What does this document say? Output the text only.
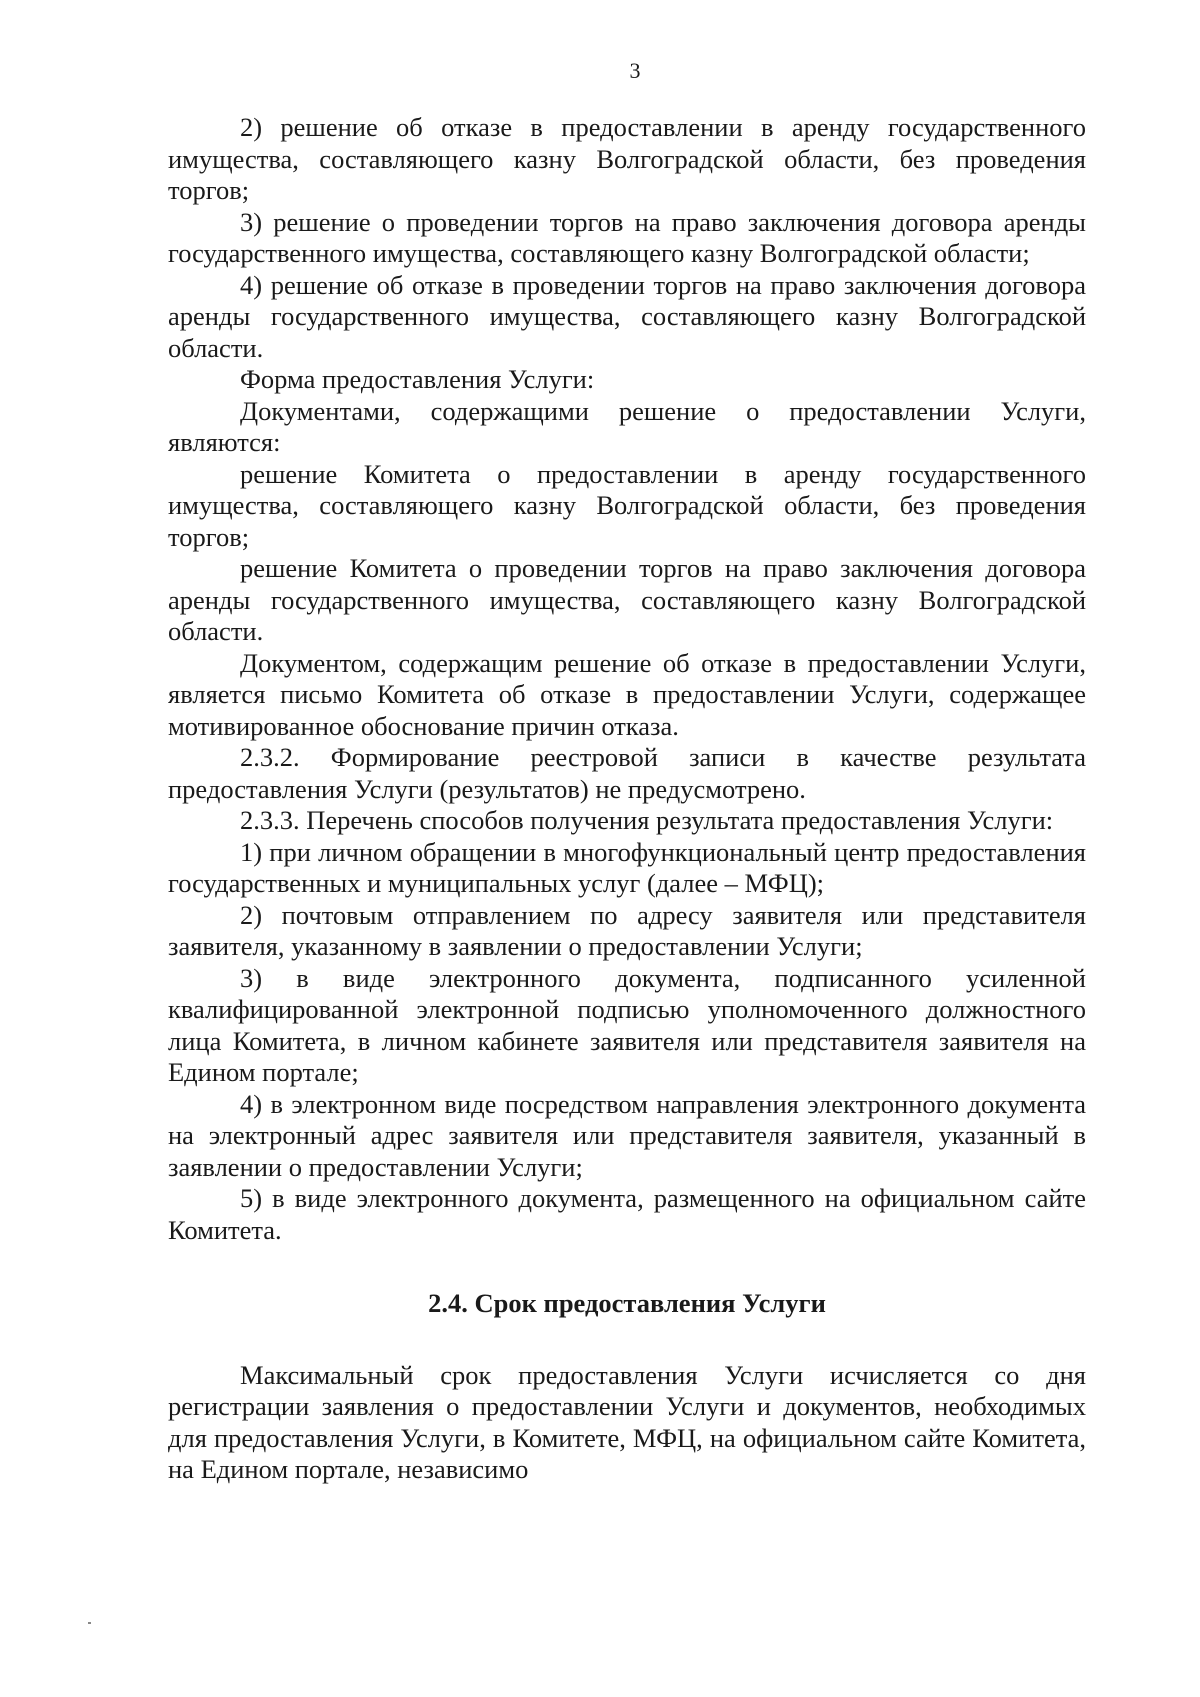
3

2) решение об отказе в предоставлении в аренду государственного имущества, составляющего казну Волгоградской области, без проведения торгов;

3) решение о проведении торгов на право заключения договора аренды государственного имущества, составляющего казну Волгоградской области;

4) решение об отказе в проведении торгов на право заключения договора аренды государственного имущества, составляющего казну Волгоградской области.

Форма предоставления Услуги:

Документами, содержащими решение о предоставлении Услуги, являются:

решение Комитета о предоставлении в аренду государственного имущества, составляющего казну Волгоградской области, без проведения торгов;

решение Комитета о проведении торгов на право заключения договора аренды государственного имущества, составляющего казну Волгоградской области.

Документом, содержащим решение об отказе в предоставлении Услуги, является письмо Комитета об отказе в предоставлении Услуги, содержащее мотивированное обоснование причин отказа.

2.3.2. Формирование реестровой записи в качестве результата предоставления Услуги (результатов) не предусмотрено.

2.3.3. Перечень способов получения результата предоставления Услуги:

1) при личном обращении в многофункциональный центр предоставления государственных и муниципальных услуг (далее – МФЦ);

2) почтовым отправлением по адресу заявителя или представителя заявителя, указанному в заявлении о предоставлении Услуги;

3) в виде электронного документа, подписанного усиленной квалифицированной электронной подписью уполномоченного должностного лица Комитета, в личном кабинете заявителя или представителя заявителя на Едином портале;

4) в электронном виде посредством направления электронного документа на электронный адрес заявителя или представителя заявителя, указанный в заявлении о предоставлении Услуги;

5) в виде электронного документа, размещенного на официальном сайте Комитета.

2.4. Срок предоставления Услуги

Максимальный срок предоставления Услуги исчисляется со дня регистрации заявления о предоставлении Услуги и документов, необходимых для предоставления Услуги, в Комитете, МФЦ, на официальном сайте Комитета, на Едином портале, независимо
